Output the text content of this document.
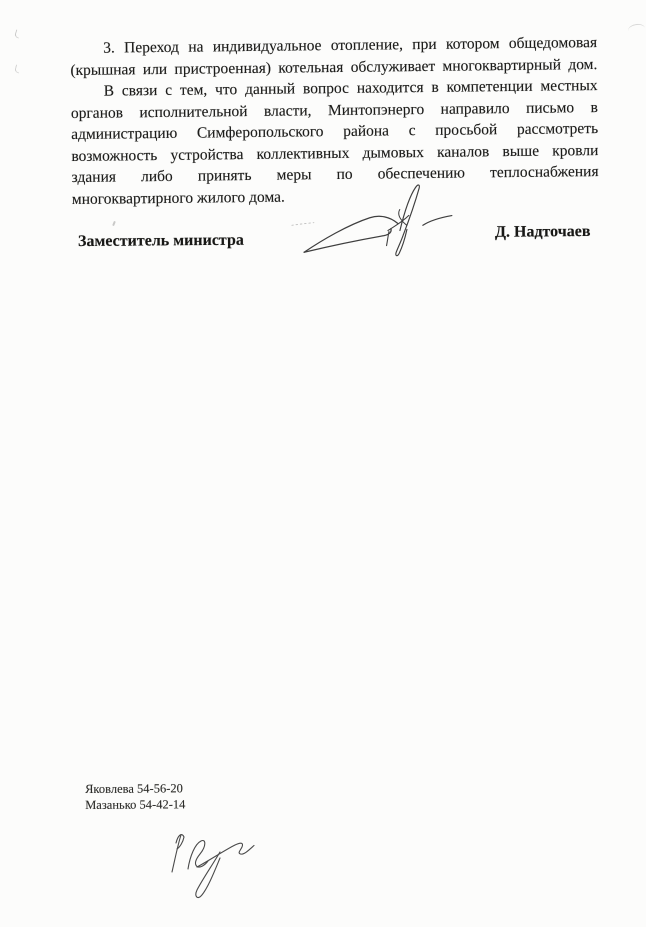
3. Переход на индивидуальное отопление, при котором общедомовая
(крышная или пристроенная) котельная обслуживает многоквартирный дом.
В связи с тем, что данный вопрос находится в компетенции местных
органов исполнительной власти, Минтопэнерго направило письмо в
администрацию Симферопольского района с просьбой рассмотреть
возможность устройства коллективных дымовых каналов выше кровли
здания либо принять меры по обеспечению теплоснабжения
многоквартирного жилого дома.
Заместитель министра	Д. Надточаев
Яковлева 54-56-20
Мазанько 54-42-14
